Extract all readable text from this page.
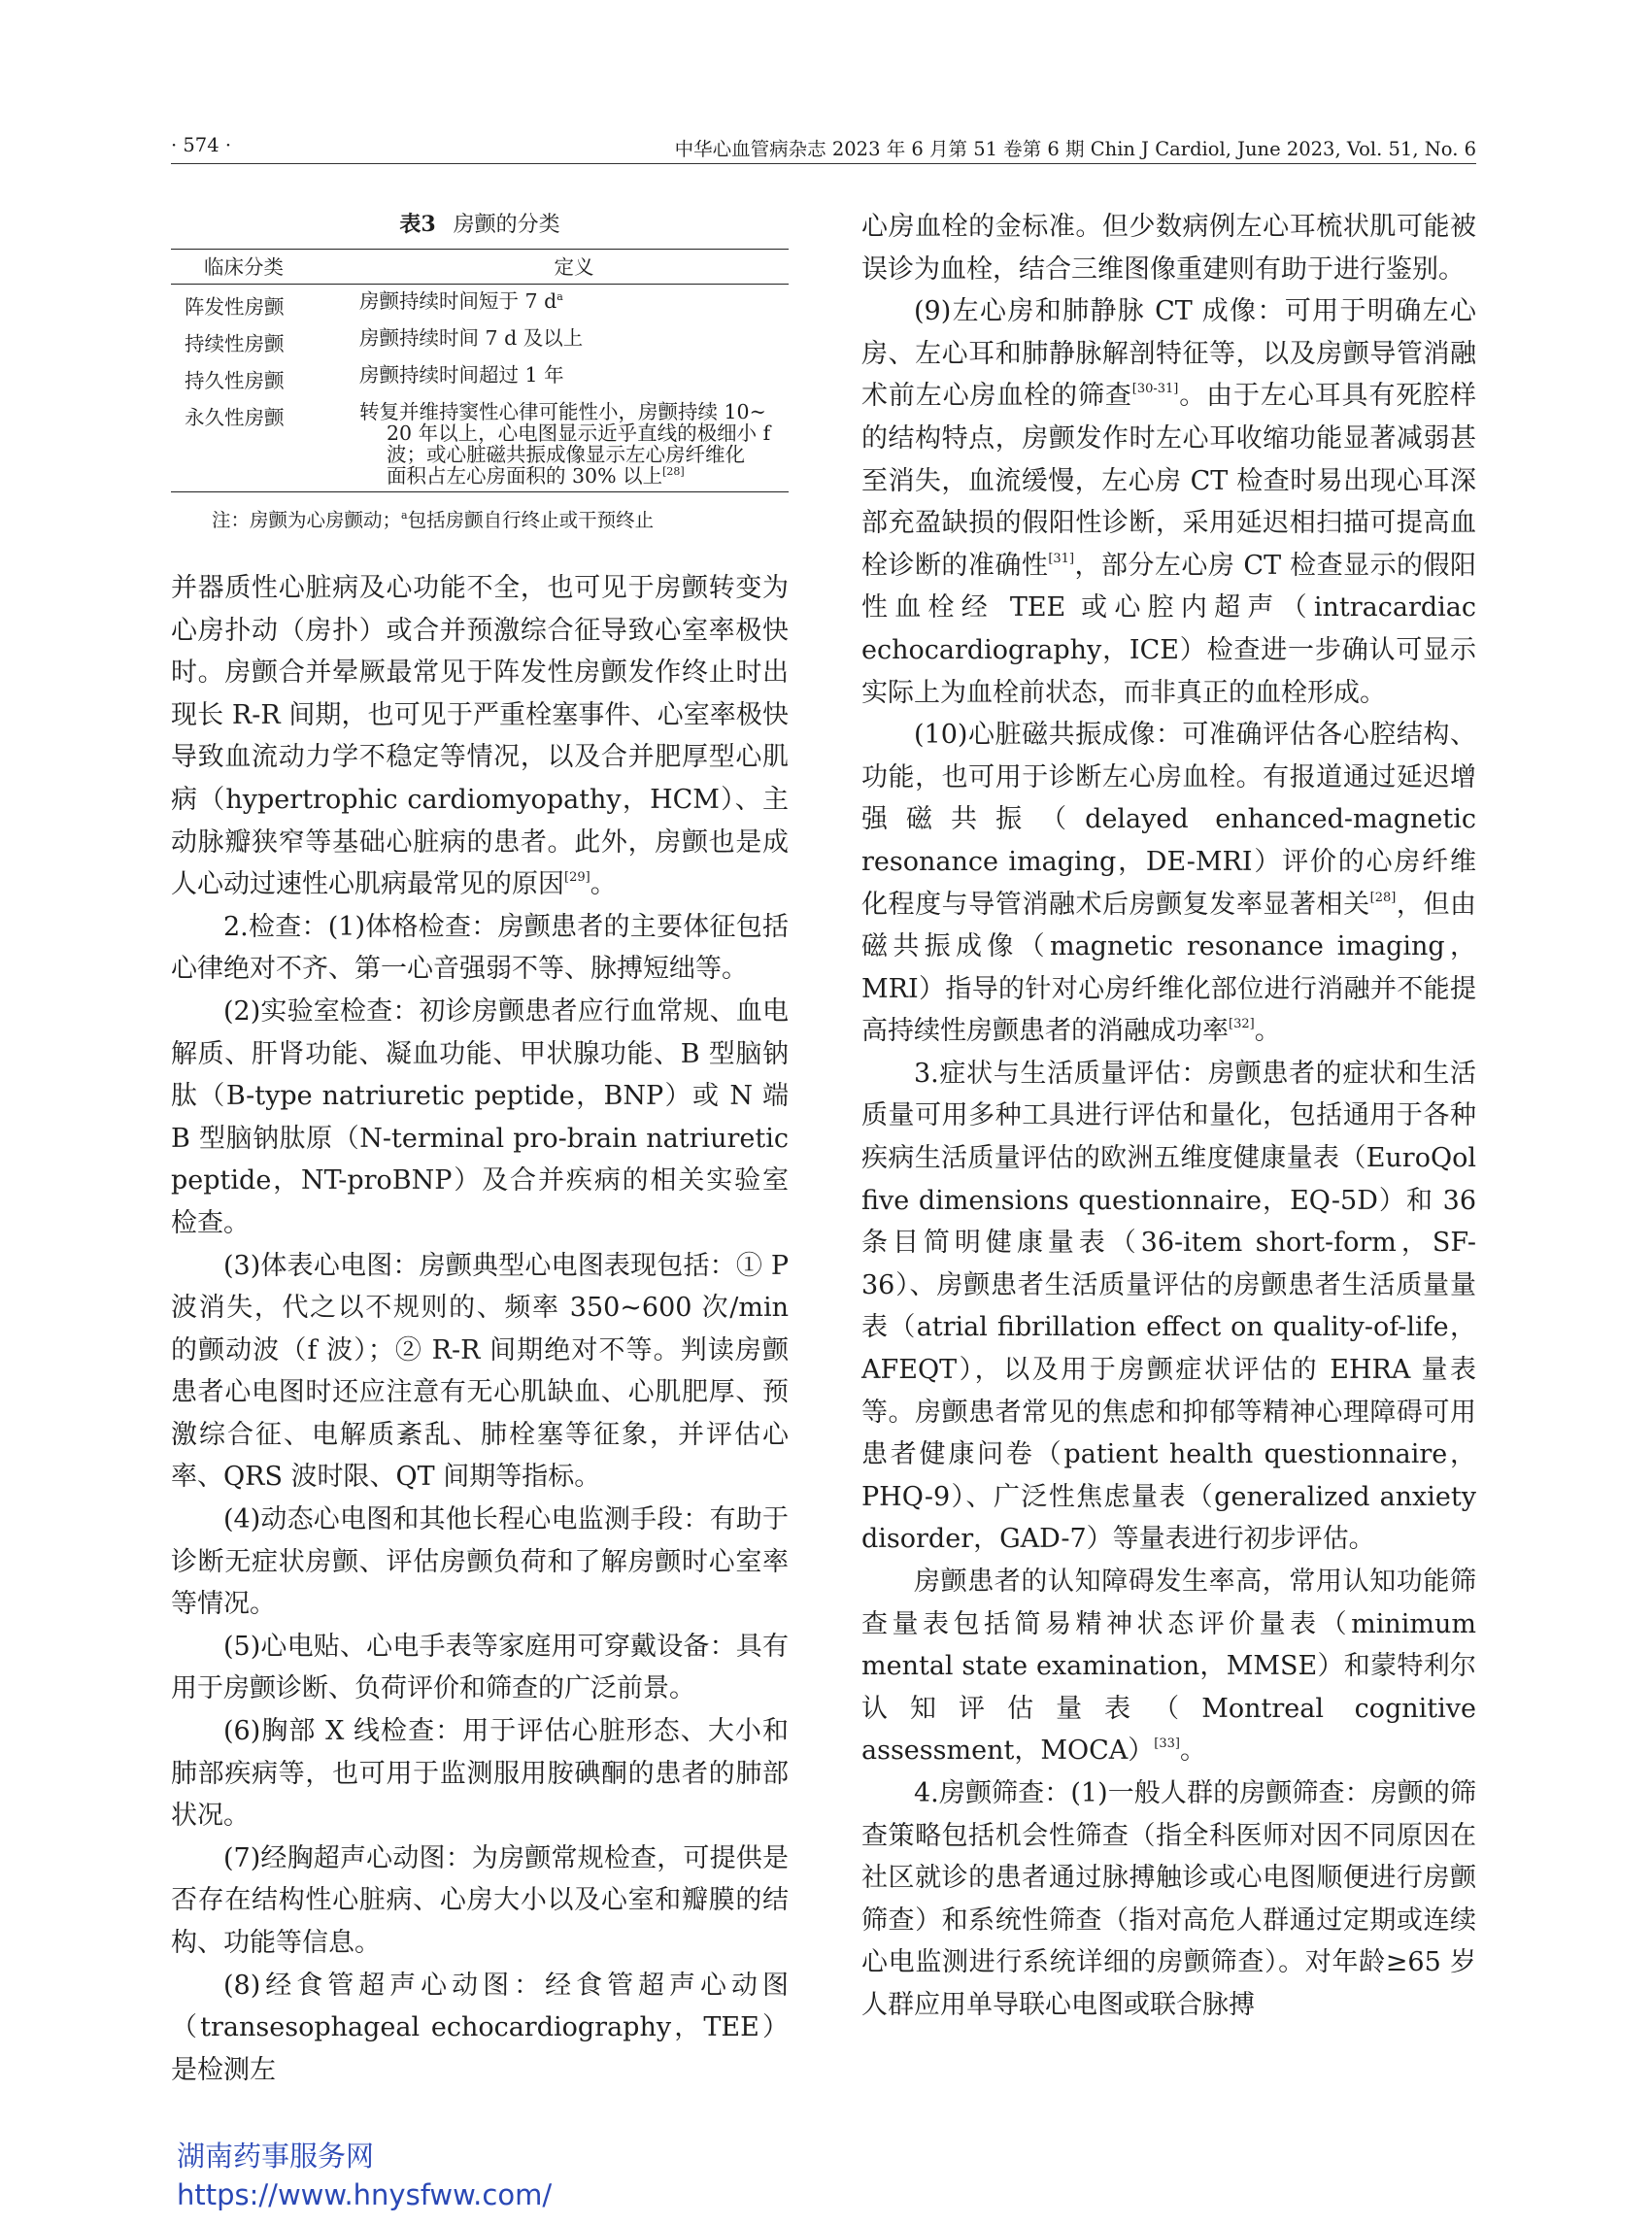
· 574 ·	中华心血管病杂志 2023 年 6 月第 51 卷第 6 期 Chin J Cardiol, June 2023, Vol. 51, No. 6
表3 房颤的分类
临床分类	定义
阵发性房颤	房颤持续时间短于 7 $d^a$
持续性房颤	房颤持续时间 7 d 及以上
持久性房颤	房颤持续时间超过 1 年
永久性房颤	转复并维持窦性心律可能性小，房颤持续 10~
20 年以上，心电图显示近乎直线的极细小 f
波；或心脏磁共振成像显示左心房纤维化
面积占左心房面积的 30% 以上[28]
注：房颤为心房颤动；$^a$包括房颤自行终止或干预终止

并器质性心脏病及心功能不全，也可见于房颤转变为心房扑动（房扑）或合并预激综合征导致心室率极快时。房颤合并晕厥最常见于阵发性房颤发作终止时出现长 R-R 间期，也可见于严重栓塞事件、心室率极快导致血流动力学不稳定等情况，以及合并肥厚型心肌病（hypertrophic cardiomyopathy，HCM）、主动脉瓣狭窄等基础心脏病的患者。此外，房颤也是成人心动过速性心肌病最常见的原因[29]。

2.检查：(1)体格检查：房颤患者的主要体征包括心律绝对不齐、第一心音强弱不等、脉搏短绌等。

(2)实验室检查：初诊房颤患者应行血常规、血电解质、肝肾功能、凝血功能、甲状腺功能、B 型脑钠肽（B-type natriuretic peptide，BNP）或 N 端 B 型脑钠肽原（N-terminal pro-brain natriuretic peptide，NT-proBNP）及合并疾病的相关实验室检查。

(3)体表心电图：房颤典型心电图表现包括：① P 波消失，代之以不规则的、频率 350~600 次/min 的颤动波（f 波）；② R-R 间期绝对不等。判读房颤患者心电图时还应注意有无心肌缺血、心肌肥厚、预激综合征、电解质紊乱、肺栓塞等征象，并评估心率、QRS 波时限、QT 间期等指标。

(4)动态心电图和其他长程心电监测手段：有助于诊断无症状房颤、评估房颤负荷和了解房颤时心室率等情况。

(5)心电贴、心电手表等家庭用可穿戴设备：具有用于房颤诊断、负荷评价和筛查的广泛前景。

(6)胸部 X 线检查：用于评估心脏形态、大小和肺部疾病等，也可用于监测服用胺碘酮的患者的肺部状况。

(7)经胸超声心动图：为房颤常规检查，可提供是否存在结构性心脏病、心房大小以及心室和瓣膜的结构、功能等信息。

(8)经食管超声心动图：经食管超声心动图（transesophageal echocardiography，TEE）是检测左

心房血栓的金标准。但少数病例左心耳梳状肌可能被误诊为血栓，结合三维图像重建则有助于进行鉴别。

(9)左心房和肺静脉 CT 成像：可用于明确左心房、左心耳和肺静脉解剖特征等，以及房颤导管消融术前左心房血栓的筛查[30-31]。由于左心耳具有死腔样的结构特点，房颤发作时左心耳收缩功能显著减弱甚至消失，血流缓慢，左心房 CT 检查时易出现心耳深部充盈缺损的假阳性诊断，采用延迟相扫描可提高血栓诊断的准确性[31]，部分左心房 CT 检查显示的假阳性血栓经 TEE 或心腔内超声（intracardiac echocardiography，ICE）检查进一步确认可显示实际上为血栓前状态，而非真正的血栓形成。

(10)心脏磁共振成像：可准确评估各心腔结构、功能，也可用于诊断左心房血栓。有报道通过延迟增强磁共振（delayed enhanced-magnetic resonance imaging，DE-MRI）评价的心房纤维化程度与导管消融术后房颤复发率显著相关[28]，但由磁共振成像（magnetic resonance imaging，MRI）指导的针对心房纤维化部位进行消融并不能提高持续性房颤患者的消融成功率[32]。

3.症状与生活质量评估：房颤患者的症状和生活质量可用多种工具进行评估和量化，包括通用于各种疾病生活质量评估的欧洲五维度健康量表（EuroQol five dimensions questionnaire，EQ-5D）和 36 条目简明健康量表（36-item short-form，SF-36）、房颤患者生活质量评估的房颤患者生活质量量表（atrial fibrillation effect on quality-of-life，AFEQT），以及用于房颤症状评估的 EHRA 量表等。房颤患者常见的焦虑和抑郁等精神心理障碍可用患者健康问卷（patient health questionnaire，PHQ-9）、广泛性焦虑量表（generalized anxiety disorder，GAD-7）等量表进行初步评估。

房颤患者的认知障碍发生率高，常用认知功能筛查量表包括简易精神状态评价量表（minimum mental state examination，MMSE）和蒙特利尔认知评估量表（Montreal cognitive assessment，MOCA）[33]。

4.房颤筛查：(1)一般人群的房颤筛查：房颤的筛查策略包括机会性筛查（指全科医师对因不同原因在社区就诊的患者通过脉搏触诊或心电图顺便进行房颤筛查）和系统性筛查（指对高危人群通过定期或连续心电监测进行系统详细的房颤筛查）。对年龄≥65 岁人群应用单导联心电图或联合脉搏

湖南药事服务网
https://www.hnysfww.com/
